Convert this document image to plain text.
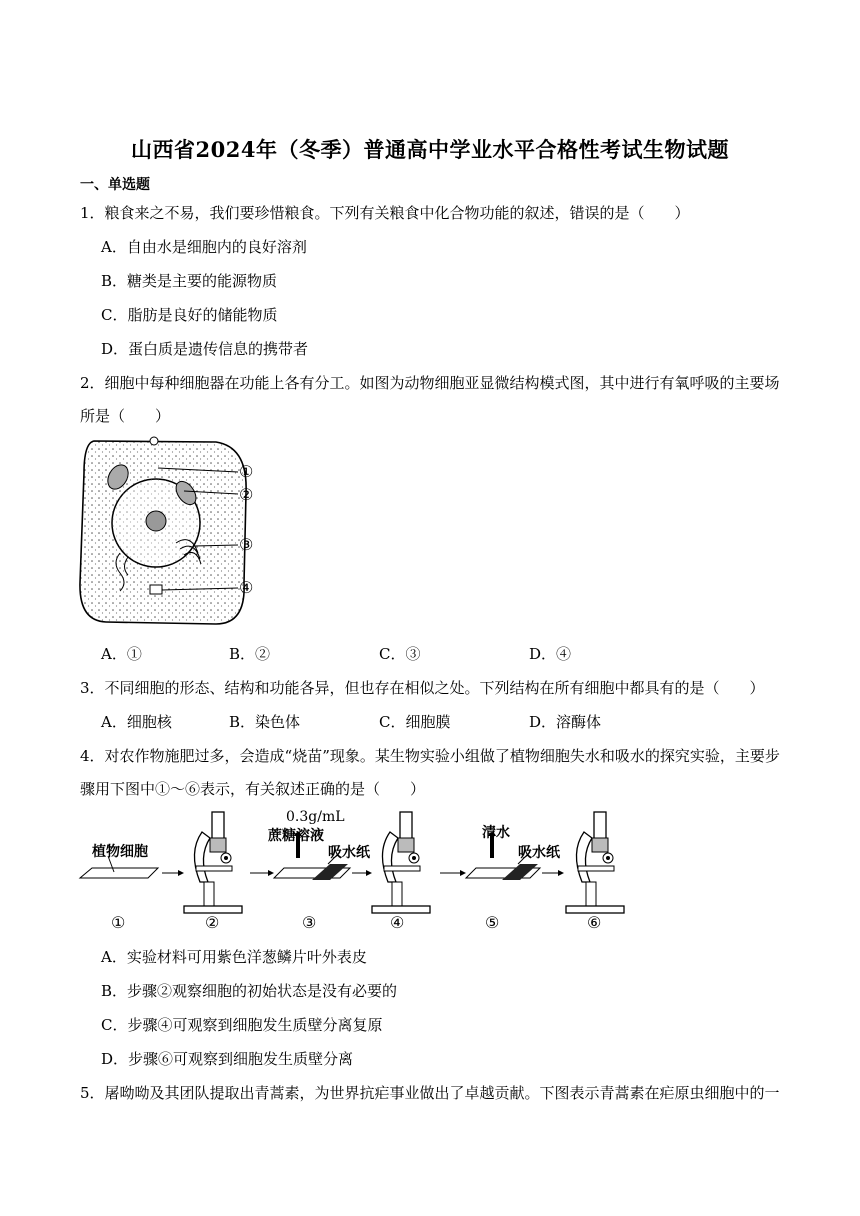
山西省2024年（冬季）普通高中学业水平合格性考试生物试题
一、单选题
1．粮食来之不易，我们要珍惜粮食。下列有关粮食中化合物功能的叙述，错误的是（　　）
A．自由水是细胞内的良好溶剂
B．糖类是主要的能源物质
C．脂肪是良好的储能物质
D．蛋白质是遗传信息的携带者
2．细胞中每种细胞器在功能上各有分工。如图为动物细胞亚显微结构模式图，其中进行有氧呼吸的主要场
所是（　　）
①
②
③
④
A．①	B．②	C．③	D．④
3．不同细胞的形态、结构和功能各异，但也存在相似之处。下列结构在所有细胞中都具有的是（　　）
A．细胞核	B．染色体	C．细胞膜	D．溶酶体
4．对农作物施肥过多，会造成“烧苗”现象。某生物实验小组做了植物细胞失水和吸水的探究实验，主要步
骤用下图中①～⑥表示，有关叙述正确的是（　　）
植物细胞
0.3g/mL
蔗糖溶液
吸水纸
清水
吸水纸
①	②	③	④	⑤	⑥
A．实验材料可用紫色洋葱鳞片叶外表皮
B．步骤②观察细胞的初始状态是没有必要的
C．步骤④可观察到细胞发生质壁分离复原
D．步骤⑥可观察到细胞发生质壁分离
5．屠呦呦及其团队提取出青蒿素，为世界抗疟事业做出了卓越贡献。下图表示青蒿素在疟原虫细胞中的一
